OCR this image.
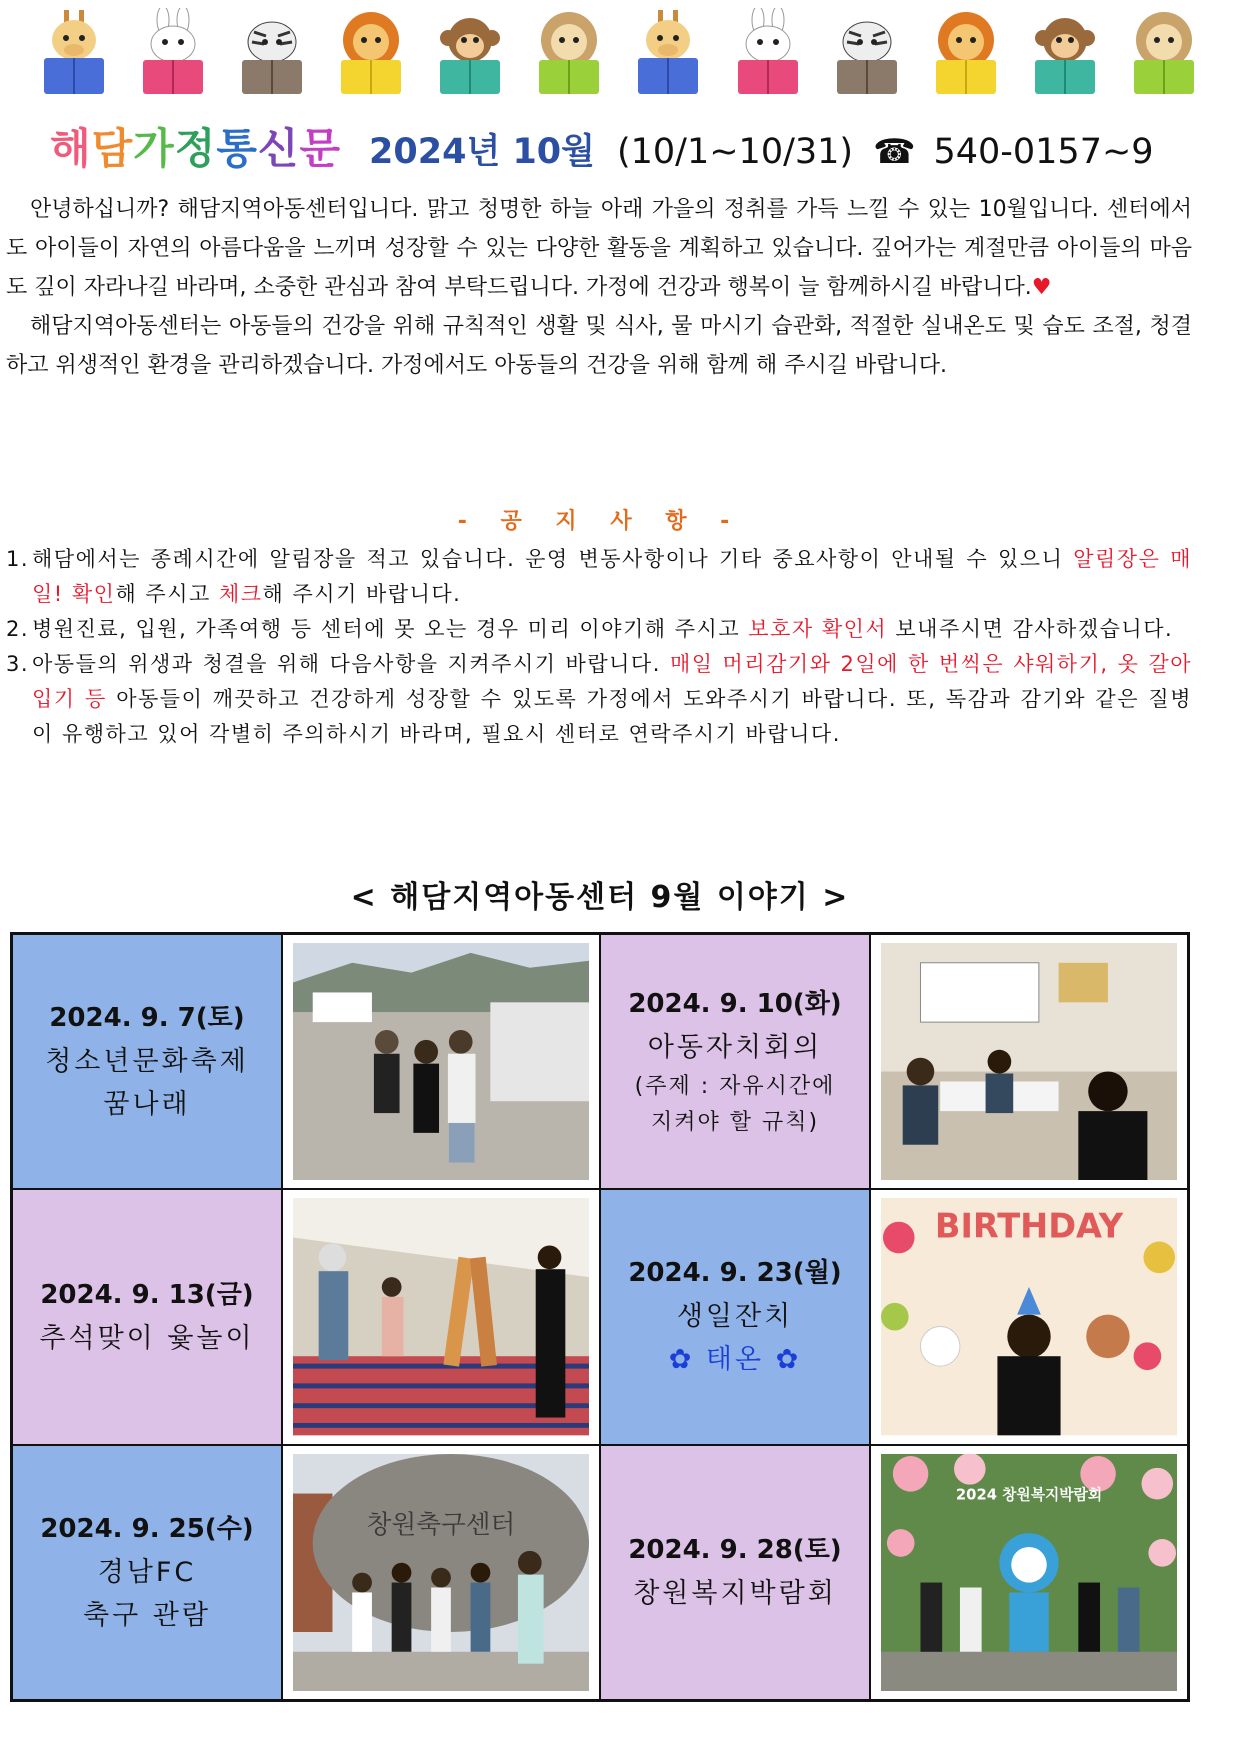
해담가정통신문 2024년 10월 (10/1~10/31) ☎ 540-0157~9

안녕하십니까? 해담지역아동센터입니다. 맑고 청명한 하늘 아래 가을의 정취를 가득 느낄 수 있는 10월입니다. 센터에서도 아이들이 자연의 아름다움을 느끼며 성장할 수 있는 다양한 활동을 계획하고 있습니다. 깊어가는 계절만큼 아이들의 마음도 깊이 자라나길 바라며, 소중한 관심과 참여 부탁드립니다. 가정에 건강과 행복이 늘 함께하시길 바랍니다.♥

해담지역아동센터는 아동들의 건강을 위해 규칙적인 생활 및 식사, 물 마시기 습관화, 적절한 실내온도 및 습도 조절, 청결하고 위생적인 환경을 관리하겠습니다. 가정에서도 아동들의 건강을 위해 함께 해 주시길 바랍니다.

- 공 지 사 항 -
1. 해담에서는 종례시간에 알림장을 적고 있습니다. 운영 변동사항이나 기타 중요사항이 안내될 수 있으니 알림장은 매일! 확인해 주시고 체크해 주시기 바랍니다.
2. 병원진료, 입원, 가족여행 등 센터에 못 오는 경우 미리 이야기해 주시고 보호자 확인서 보내주시면 감사하겠습니다.
3. 아동들의 위생과 청결을 위해 다음사항을 지켜주시기 바랍니다. 매일 머리감기와 2일에 한 번씩은 샤워하기, 옷 갈아입기 등 아동들이 깨끗하고 건강하게 성장할 수 있도록 가정에서 도와주시기 바랍니다. 또, 독감과 감기와 같은 질병이 유행하고 있어 각별히 주의하시기 바라며, 필요시 센터로 연락주시기 바랍니다.
< 해담지역아동센터 9월 이야기 >
2024. 9. 7(토)
청소년문화축제
꿈나래
2024. 9. 10(화)
아동자치회의
(주제 : 자유시간에
지켜야 할 규칙)
2024. 9. 13(금)
추석맞이 윷놀이
2024. 9. 23(월)
생일잔치
✿ 태온 ✿
BIRTHDAY
2024. 9. 25(수)
경남FC
축구 관람
창원축구센터
2024. 9. 28(토)
창원복지박람회
2024 창원복지박람회
